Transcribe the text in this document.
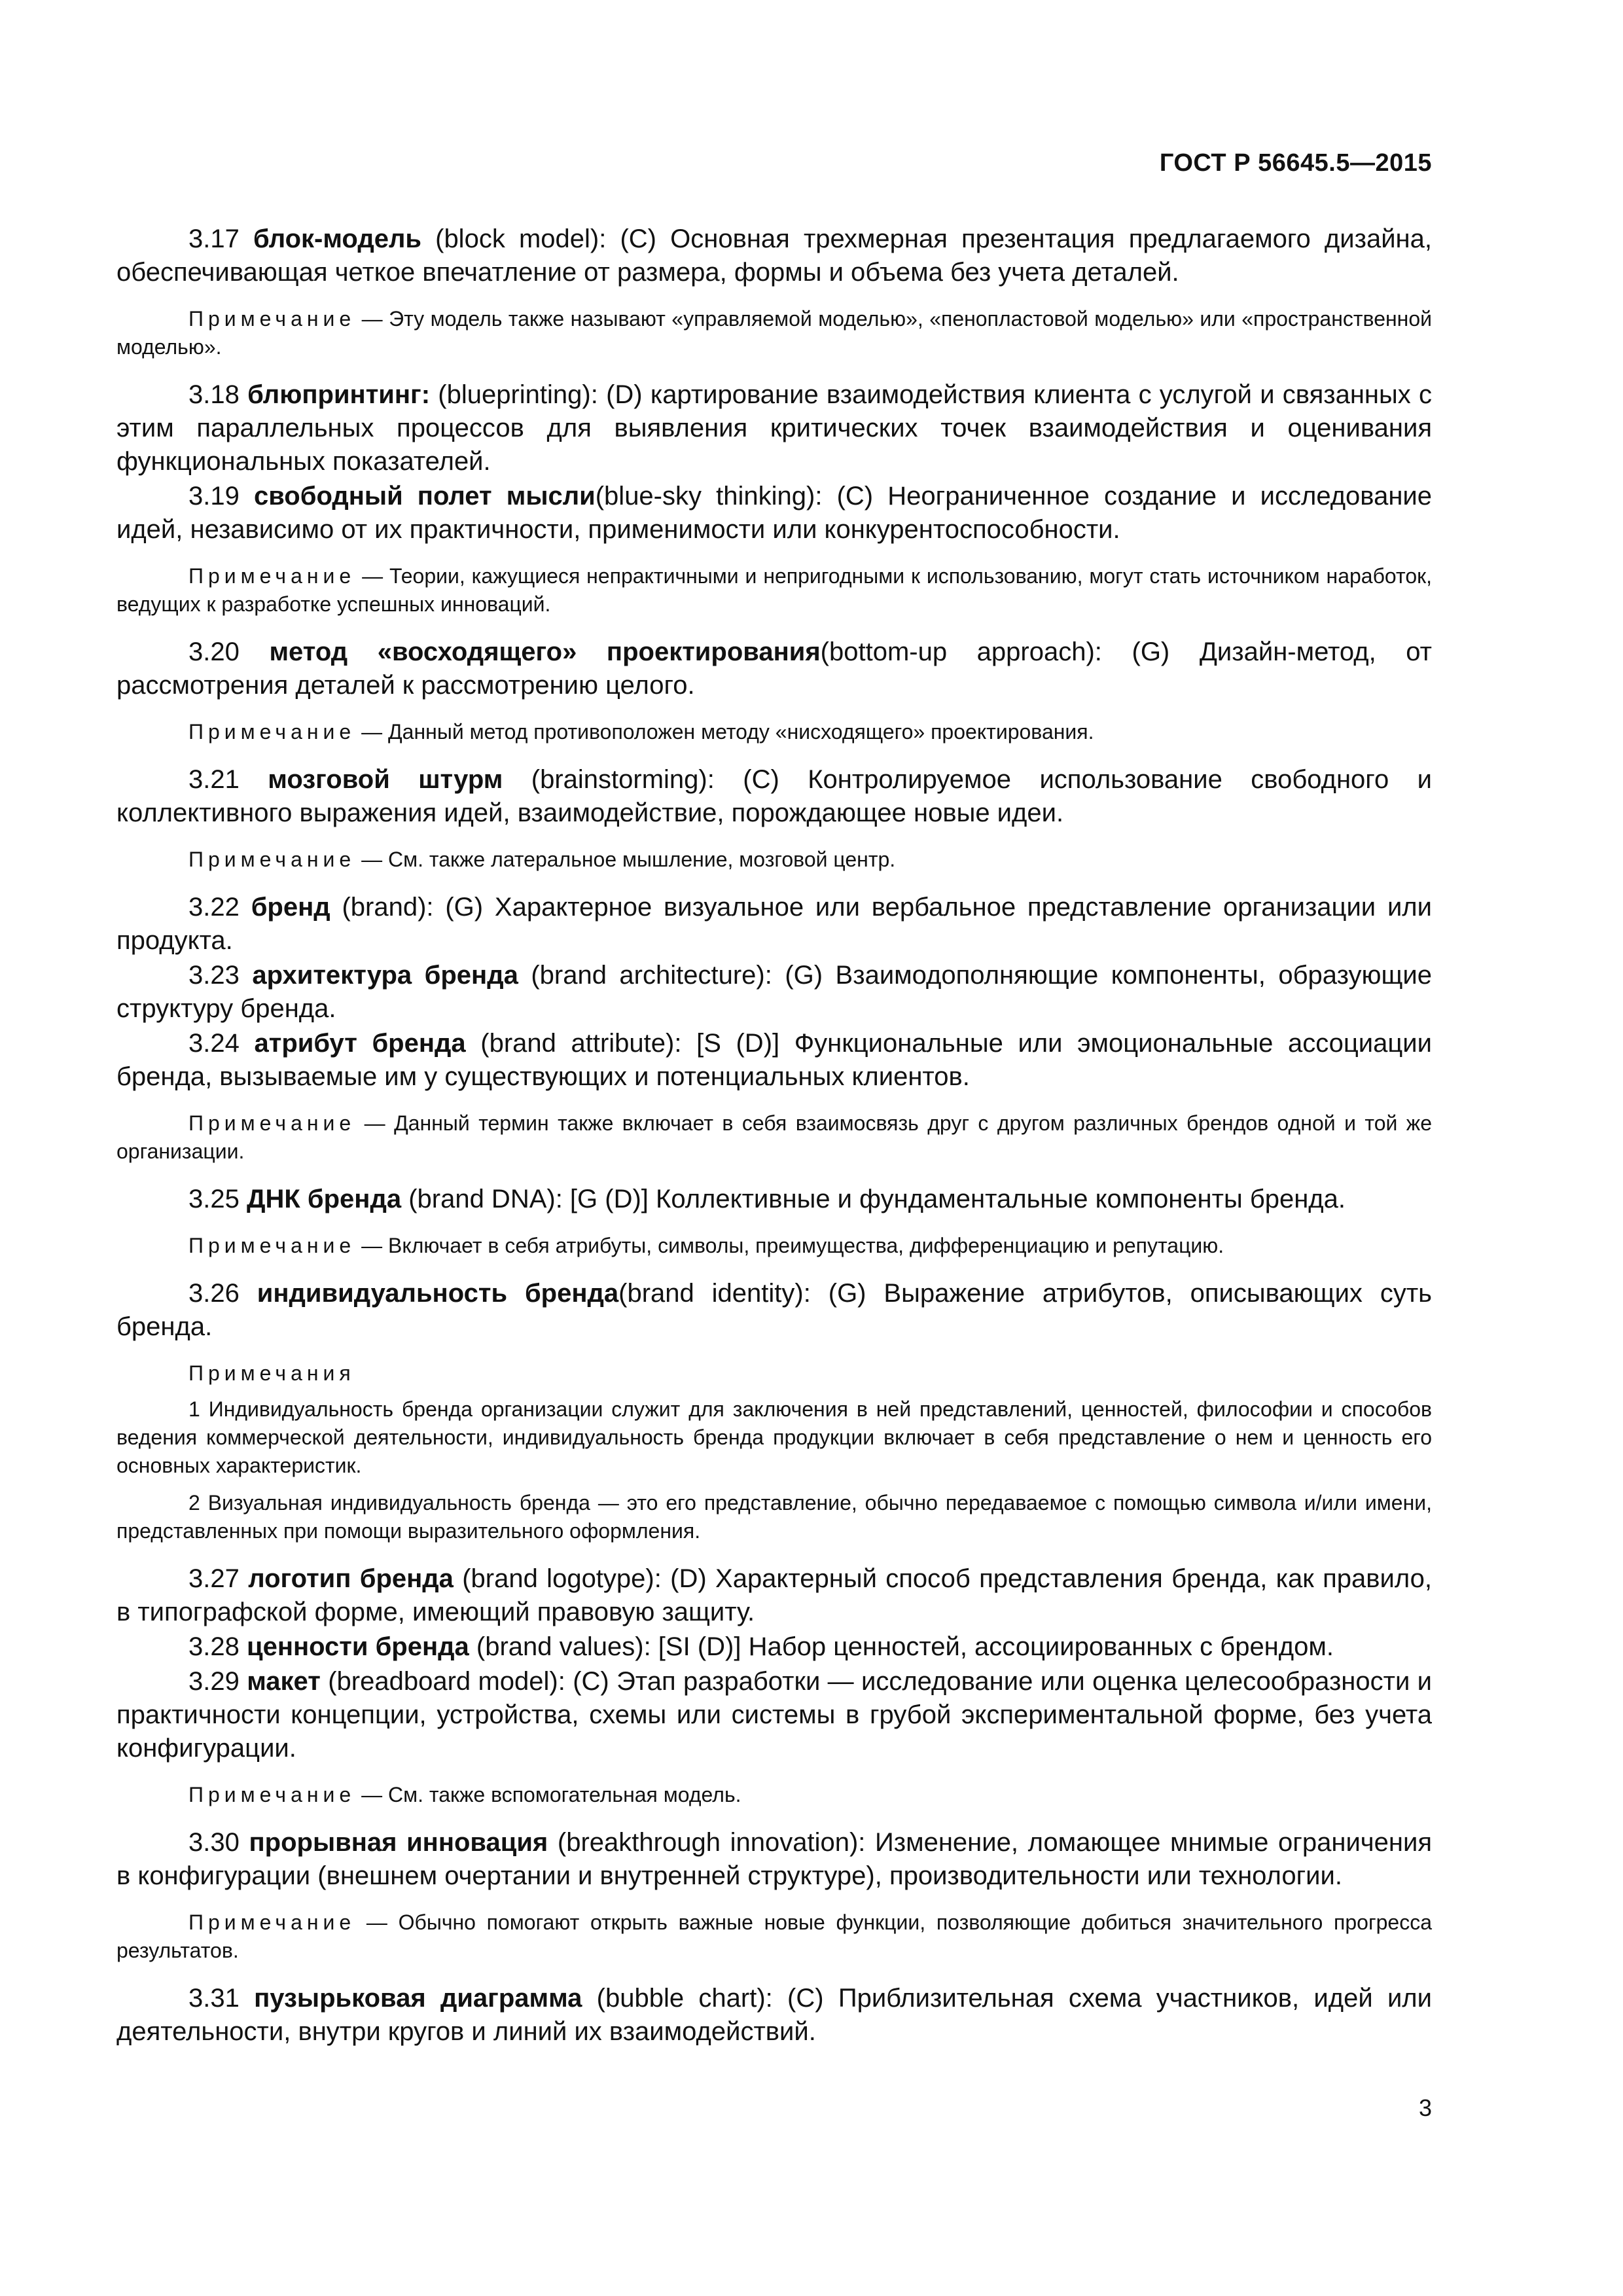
ГОСТ Р 56645.5—2015

3.17 блок-модель (block model): (С) Основная трехмерная презентация предлагаемого дизайна, обеспечивающая четкое впечатление от размера, формы и объема без учета деталей.

Примечание — Эту модель также называют «управляемой моделью», «пенопластовой моделью» или «пространственной моделью».

3.18 блюпринтинг: (blueprinting): (D) картирование взаимодействия клиента с услугой и связанных с этим параллельных процессов для выявления критических точек взаимодействия и оценивания функциональных показателей.

3.19 свободный полет мысли(blue-sky thinking): (С) Неограниченное создание и исследование идей, независимо от их практичности, применимости или конкурентоспособности.

Примечание — Теории, кажущиеся непрактичными и непригодными к использованию, могут стать источником наработок, ведущих к разработке успешных инноваций.

3.20 метод «восходящего» проектирования(bottom-up approach): (G) Дизайн-метод, от рассмотрения деталей к рассмотрению целого.

Примечание — Данный метод противоположен методу «нисходящего» проектирования.

3.21 мозговой штурм (brainstorming): (С) Контролируемое использование свободного и коллективного выражения идей, взаимодействие, порождающее новые идеи.

Примечание — См. также латеральное мышление, мозговой центр.

3.22 бренд (brand): (G) Характерное визуальное или вербальное представление организации или продукта.

3.23 архитектура бренда (brand architecture): (G) Взаимодополняющие компоненты, образующие структуру бренда.

3.24 атрибут бренда (brand attribute): [S (D)] Функциональные или эмоциональные ассоциации бренда, вызываемые им у существующих и потенциальных клиентов.

Примечание — Данный термин также включает в себя взаимосвязь друг с другом различных брендов одной и той же организации.

3.25 ДНК бренда (brand DNA): [G (D)] Коллективные и фундаментальные компоненты бренда.

Примечание — Включает в себя атрибуты, символы, преимущества, дифференциацию и репутацию.

3.26 индивидуальность бренда(brand identity): (G) Выражение атрибутов, описывающих суть бренда.

Примечания

1 Индивидуальность бренда организации служит для заключения в ней представлений, ценностей, философии и способов ведения коммерческой деятельности, индивидуальность бренда продукции включает в себя представление о нем и ценность его основных характеристик.

2 Визуальная индивидуальность бренда — это его представление, обычно передаваемое с помощью символа и/или имени, представленных при помощи выразительного оформления.

3.27 логотип бренда (brand logotype): (D) Характерный способ представления бренда, как правило, в типографской форме, имеющий правовую защиту.

3.28 ценности бренда (brand values): [SI (D)] Набор ценностей, ассоциированных с брендом.

3.29 макет (breadboard model): (С) Этап разработки — исследование или оценка целесообразности и практичности концепции, устройства, схемы или системы в грубой экспериментальной форме, без учета конфигурации.

Примечание — См. также вспомогательная модель.

3.30 прорывная инновация (breakthrough innovation): Изменение, ломающее мнимые ограничения в конфигурации (внешнем очертании и внутренней структуре), производительности или технологии.

Примечание — Обычно помогают открыть важные новые функции, позволяющие добиться значительного прогресса результатов.

3.31 пузырьковая диаграмма (bubble chart): (С) Приблизительная схема участников, идей или деятельности, внутри кругов и линий их взаимодействий.

3
